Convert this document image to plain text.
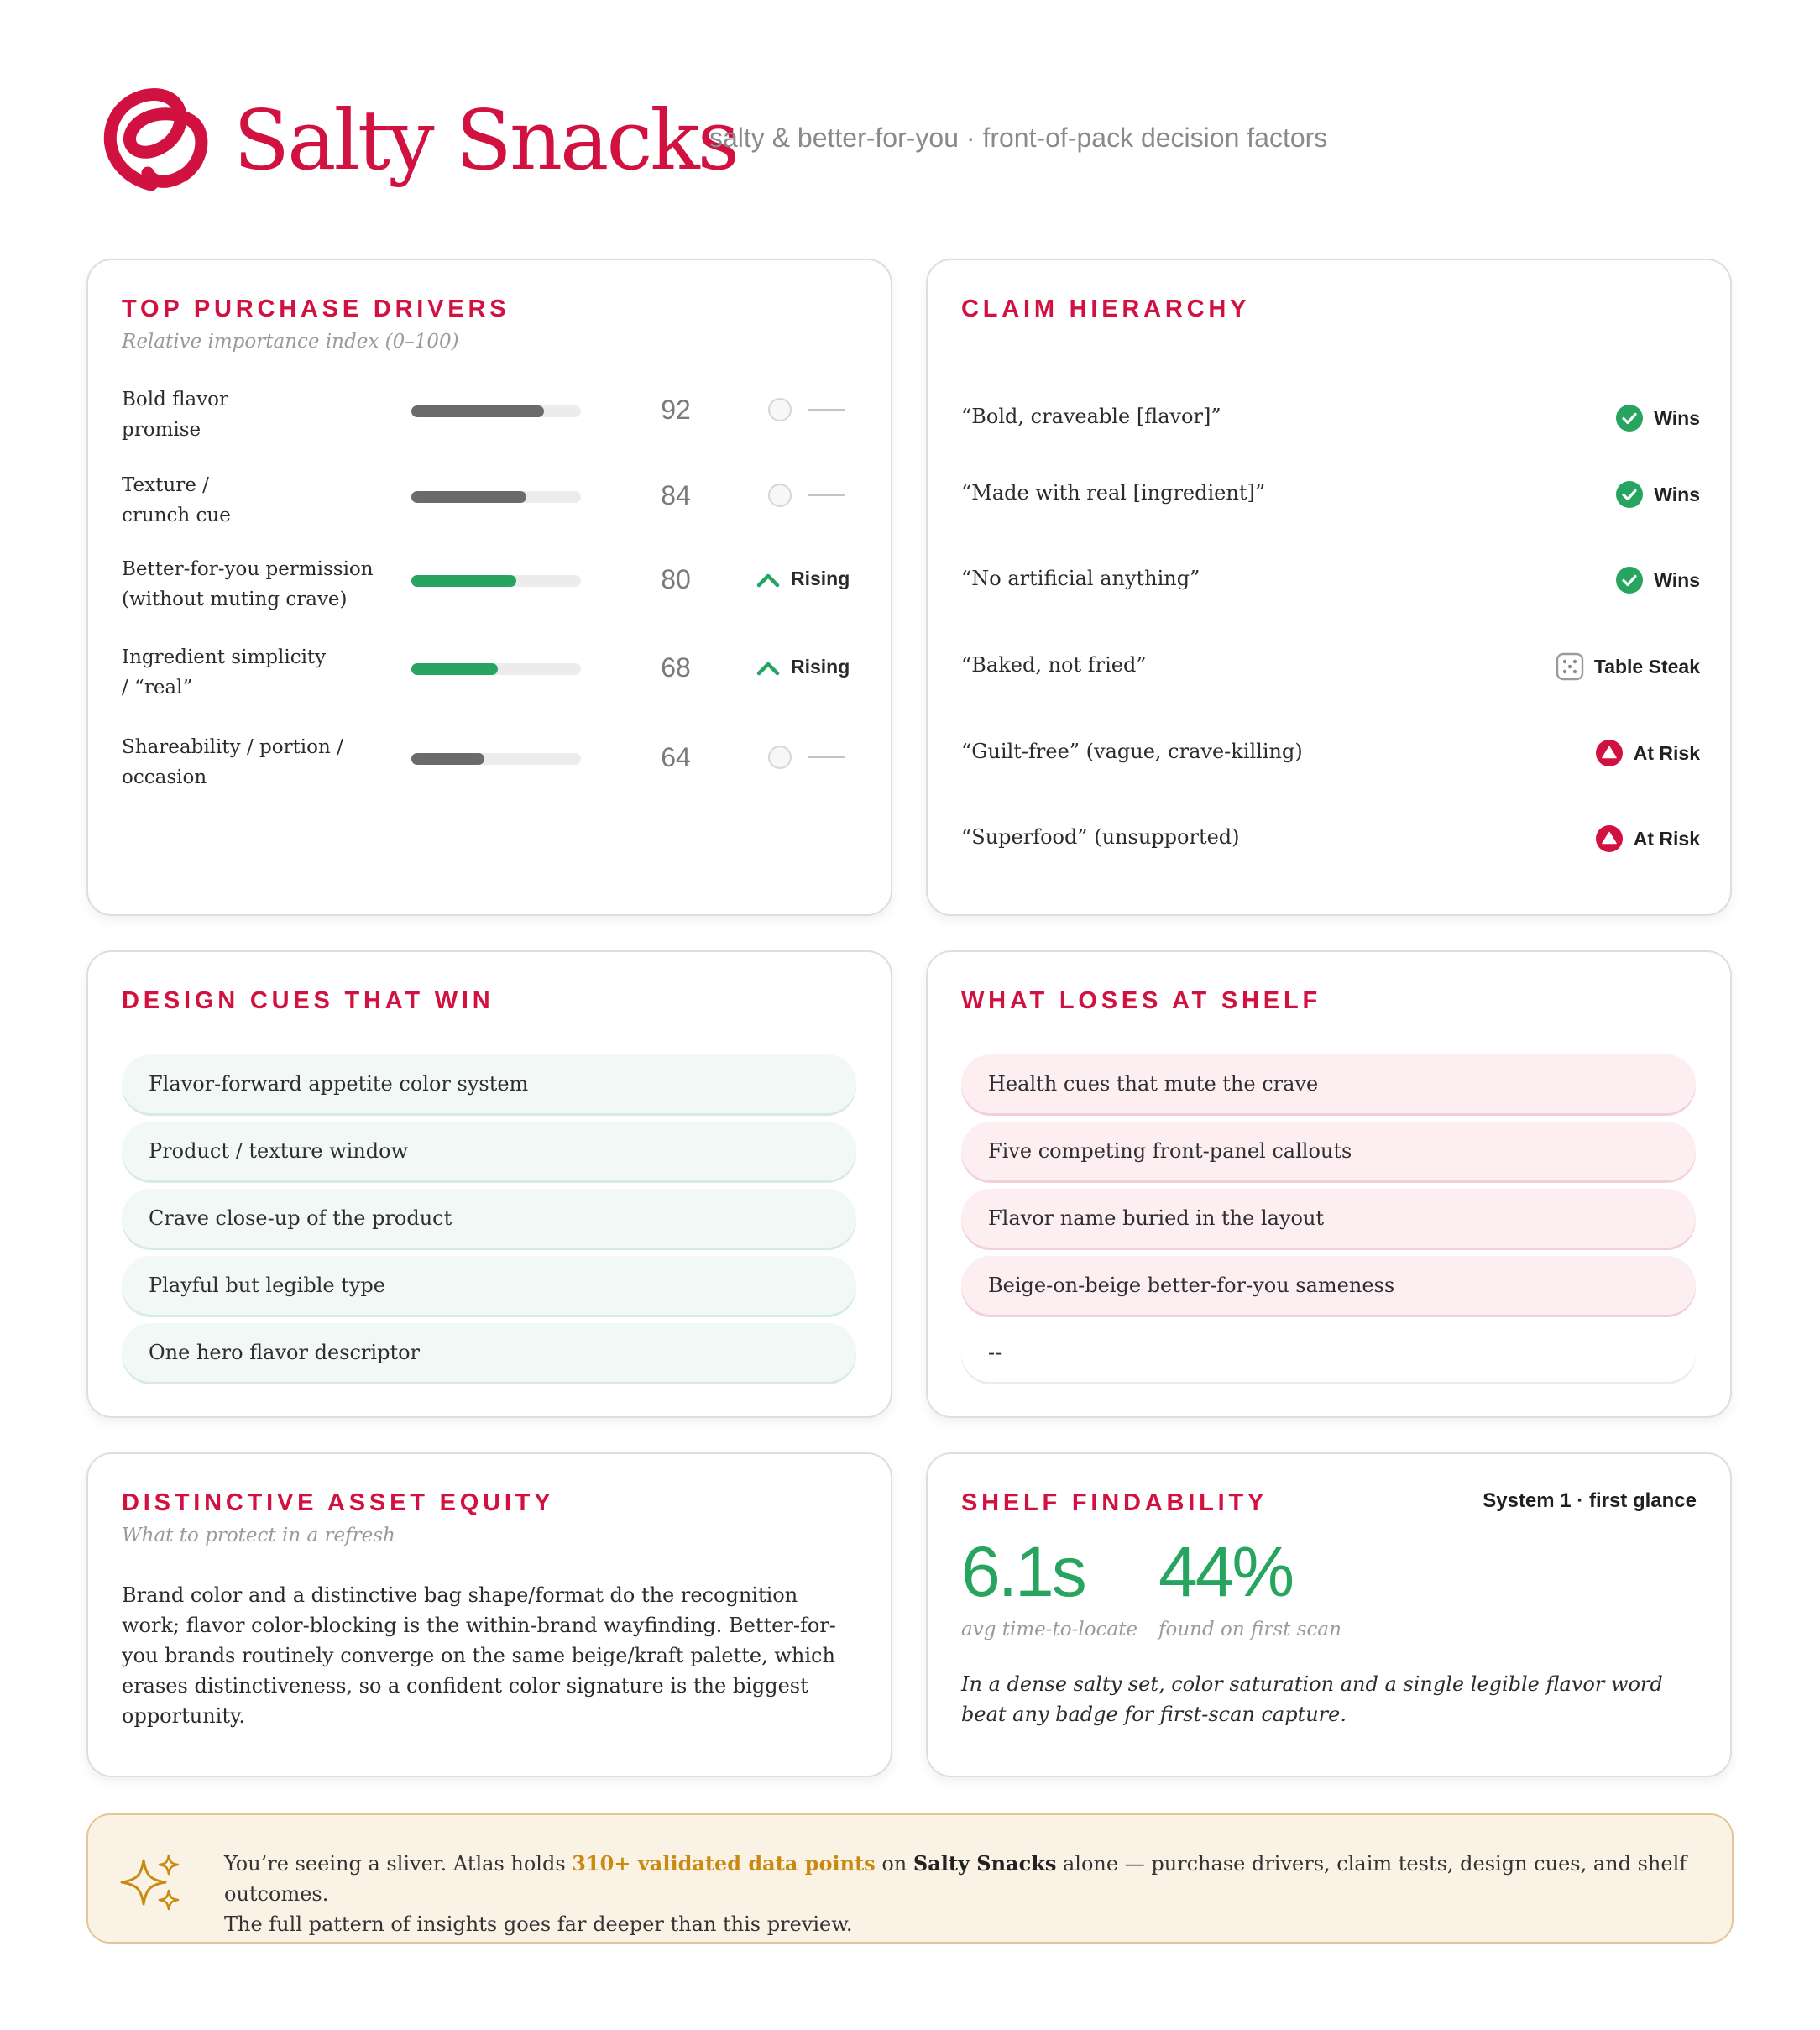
Salty Snacks
salty & better-for-you · front-of-pack decision factors
TOP PURCHASE DRIVERS
Relative importance index (0–100)
Bold flavor
promise
92
Texture /
crunch cue
84
Better-for-you permission
(without muting crave)
80	Rising
Ingredient simplicity
/ “real”
68	Rising
Shareability / portion /
occasion
64
CLAIM HIERARCHY
“Bold, craveable [flavor]”	Wins
“Made with real [ingredient]”	Wins
“No artificial anything”	Wins
“Baked, not fried”	Table Steak
“Guilt-free” (vague, crave-killing)	At Risk
“Superfood” (unsupported)	At Risk
DESIGN CUES THAT WIN
Flavor-forward appetite color system
Product / texture window
Crave close-up of the product
Playful but legible type
One hero flavor descriptor
WHAT LOSES AT SHELF
Health cues that mute the crave
Five competing front-panel callouts
Flavor name buried in the layout
Beige-on-beige better-for-you sameness
--
DISTINCTIVE ASSET EQUITY
What to protect in a refresh
Brand color and a distinctive bag shape/format do the recognition work; flavor color-blocking is the within-brand wayfinding. Better-for-you brands routinely converge on the same beige/kraft palette, which erases distinctiveness, so a confident color signature is the biggest opportunity.
SHELF FINDABILITY	System 1 · first glance
6.1s
avg time-to-locate
44%
found on first scan
In a dense salty set, color saturation and a single legible flavor word beat any badge for first-scan capture.
You’re seeing a sliver. Atlas holds 310+ validated data points on Salty Snacks alone — purchase drivers, claim tests, design cues, and shelf outcomes.
The full pattern of insights goes far deeper than this preview.
